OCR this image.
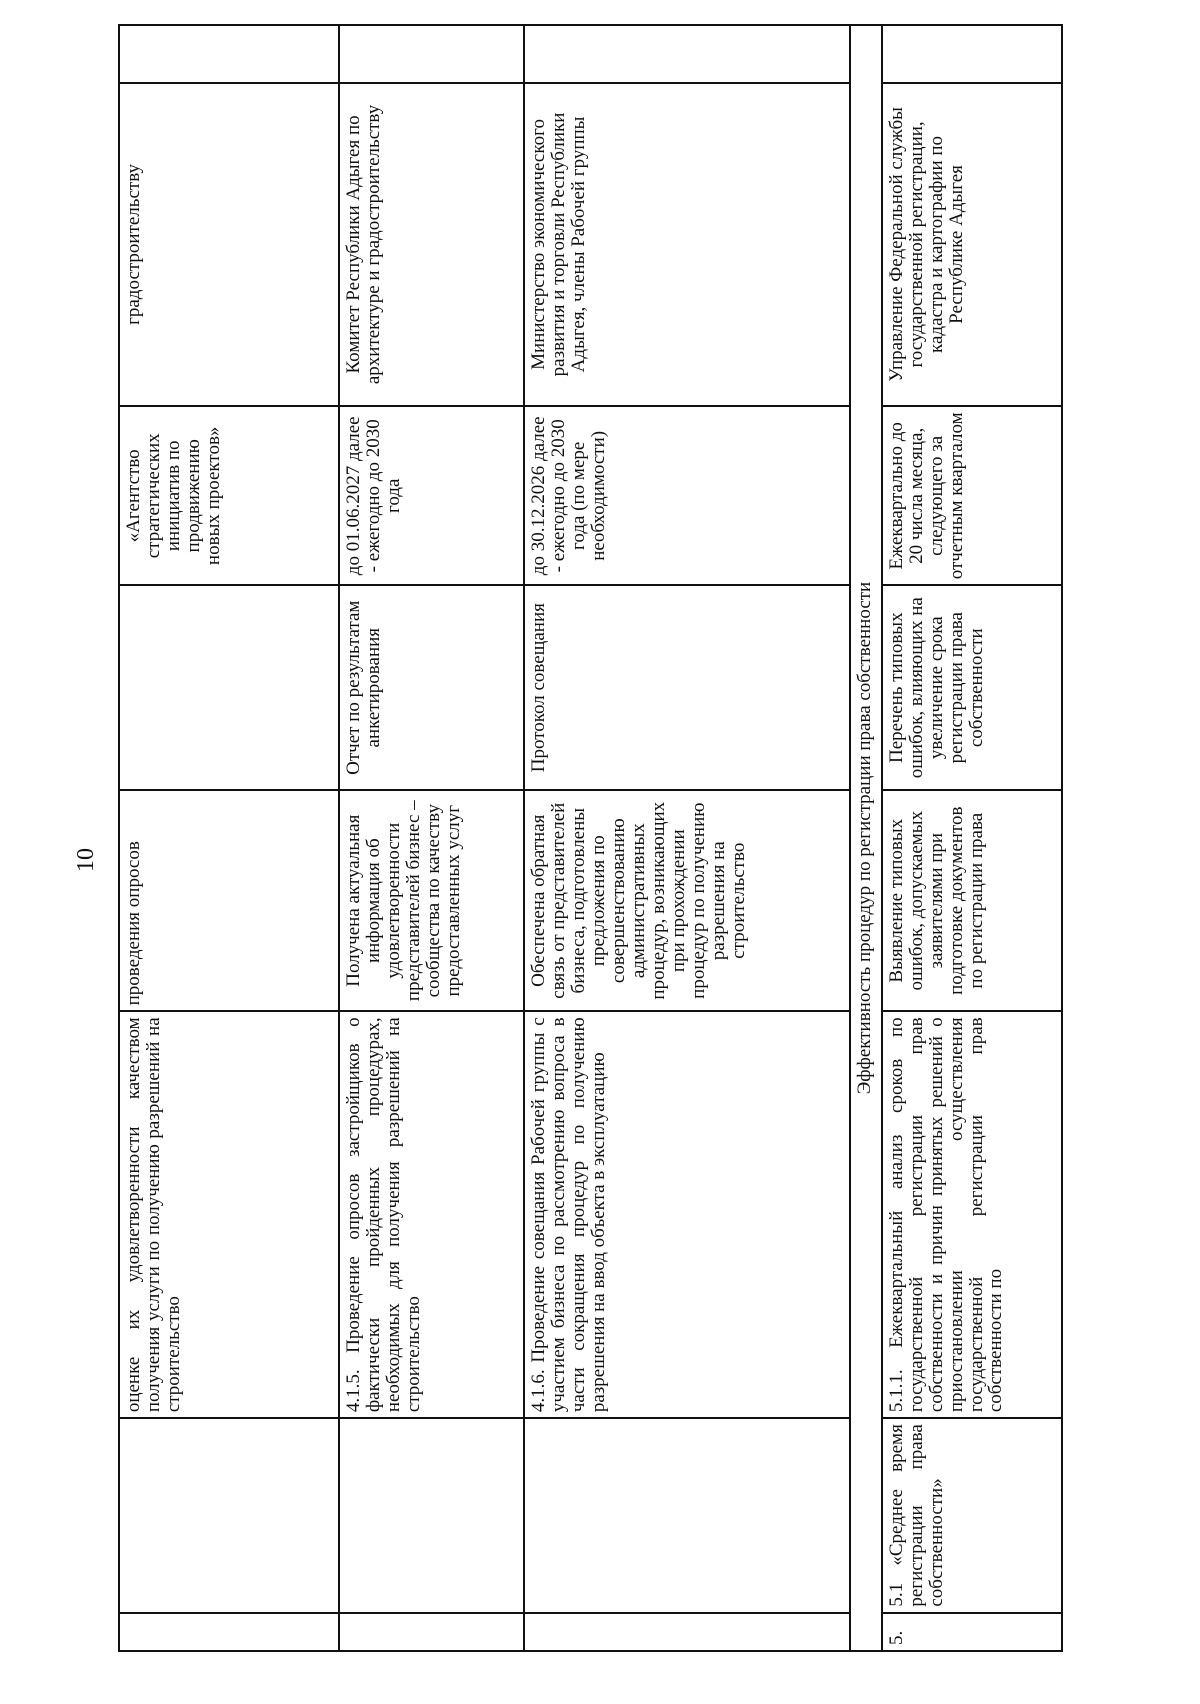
10
		оценке их удовлетворенности качеством получения услуги по получению разрешений на строительство	проведения опросов		«Агентство стратегических инициатив по продвижению новых проектов»	градостроительству	
		4.1.5. Проведение опросов застройщиков о фактически пройденных процедурах, необходимых для получения разрешений на строительство	Получена актуальная информация об удовлетворенности представителей бизнес – сообщества по качеству предоставленных услуг	Отчет по результатам анкетирования	до 01.06.2027 далее - ежегодно до 2030 года	Комитет Республики Адыгея по архитектуре и градостроительству	
		4.1.6. Проведение совещания Рабочей группы с участием бизнеса по рассмотрению вопроса в части сокращения процедур по получению разрешения на ввод объекта в эксплуатацию	Обеспечена обратная связь от представителей бизнеса, подготовлены предложения по совершенствованию административных процедур, возникающих при прохождении процедур по получению разрешения на строительство	Протокол совещания	до 30.12.2026 далее - ежегодно до 2030 года (по мере необходимости)	Министерство экономического развития и торговли Республики Адыгея, члены Рабочей группы	
Эффективность процедур по регистрации права собственности							
5.	5.1 «Среднее время регистрации права собственности»	5.1.1. Ежеквартальный анализ сроков по государственной регистрации прав собственности и причин принятых решений о приостановлении осуществления государственной регистрации прав собственности по	Выявление типовых ошибок, допускаемых заявителями при подготовке документов по регистрации права	Перечень типовых ошибок, влияющих на увеличение срока регистрации права собственности	Ежеквартально до 20 числа месяца, следующего за отчетным кварталом	Управление Федеральной службы государственной регистрации, кадастра и картографии по Республике Адыгея	
